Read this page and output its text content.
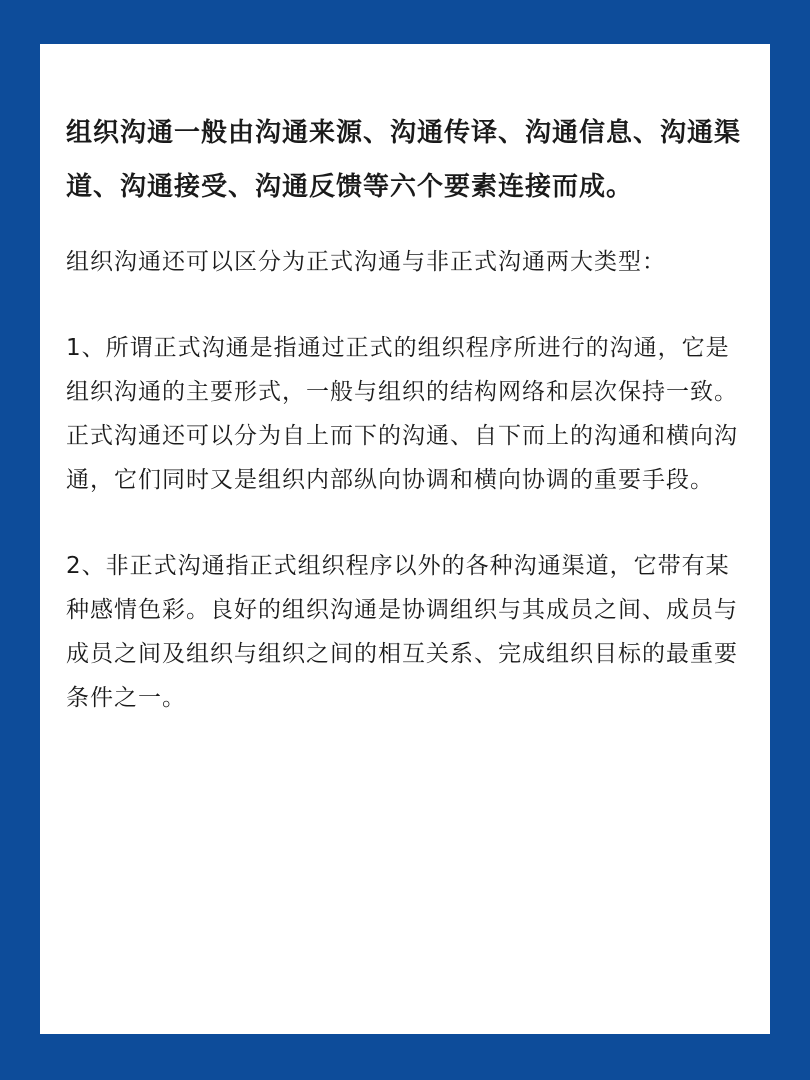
组织沟通一般由沟通来源、沟通传译、沟通信息、沟通渠道、沟通接受、沟通反馈等六个要素连接而成。

组织沟通还可以区分为正式沟通与非正式沟通两大类型：

1、所谓正式沟通是指通过正式的组织程序所进行的沟通，它是组织沟通的主要形式，一般与组织的结构网络和层次保持一致。正式沟通还可以分为自上而下的沟通、自下而上的沟通和横向沟通，它们同时又是组织内部纵向协调和横向协调的重要手段。

2、非正式沟通指正式组织程序以外的各种沟通渠道，它带有某种感情色彩。良好的组织沟通是协调组织与其成员之间、成员与成员之间及组织与组织之间的相互关系、完成组织目标的最重要条件之一。
